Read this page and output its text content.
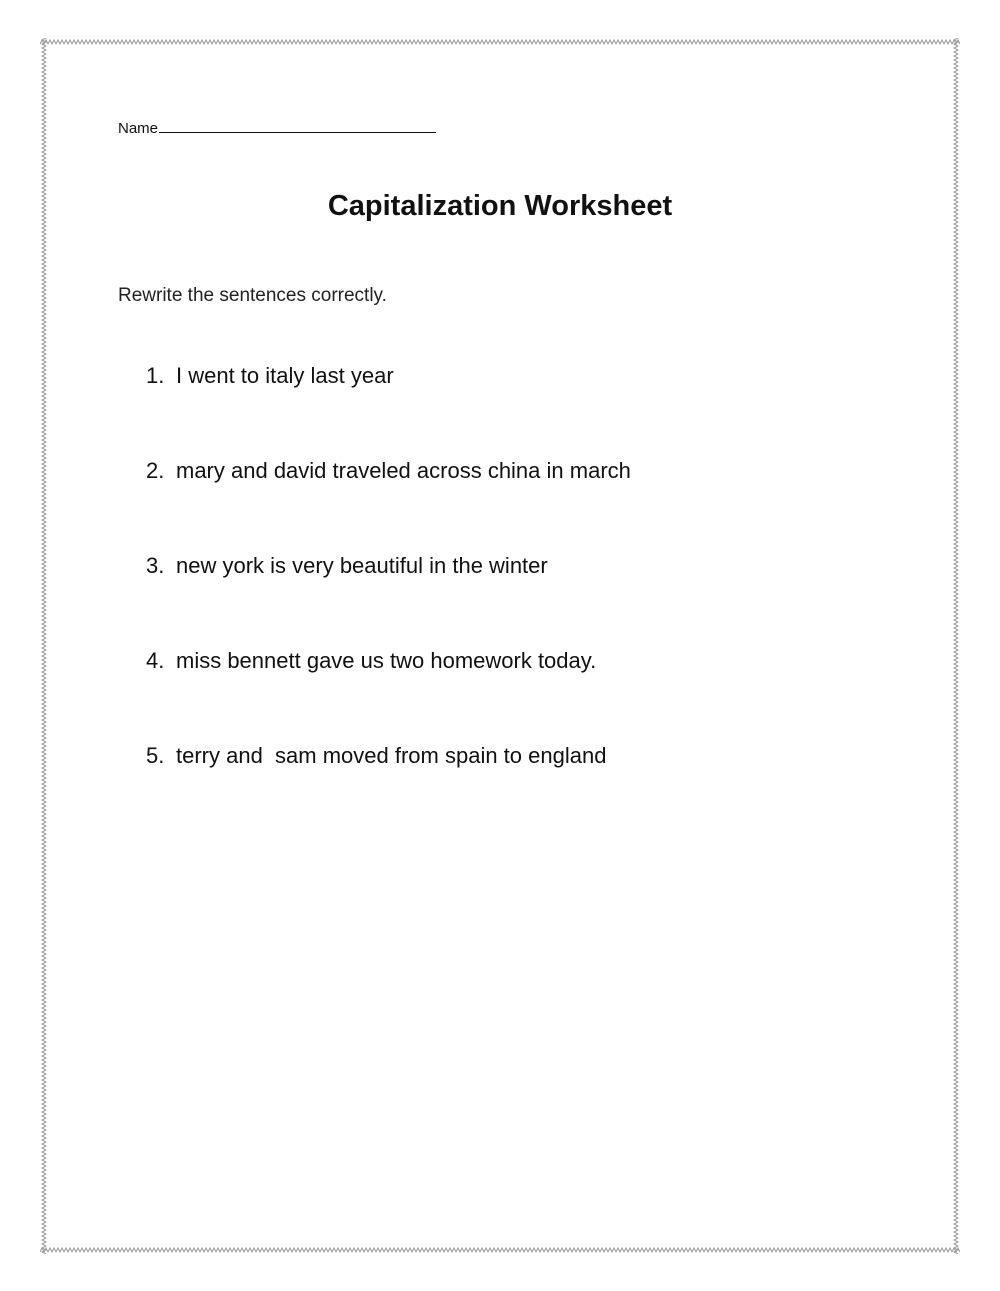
Name
Capitalization Worksheet
Rewrite the sentences correctly.
1. I went to italy last year
2. mary and david traveled across china in march
3. new york is very beautiful in the winter
4. miss bennett gave us two homework today.
5. terry and  sam moved from spain to england
